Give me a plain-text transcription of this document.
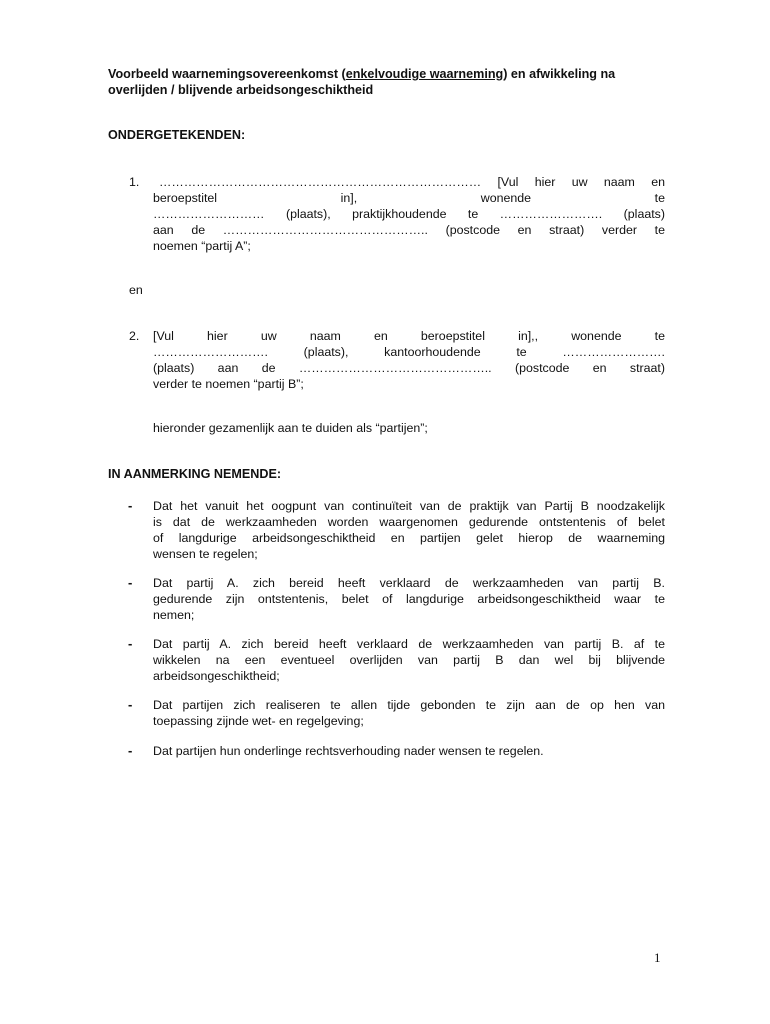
Voorbeeld waarnemingsovereenkomst (enkelvoudige waarneming) en afwikkeling na overlijden / blijvende arbeidsongeschiktheid
ONDERGETEKENDEN:
1.	…………………………………………………………………… [Vul hier uw naam en
beroepstitel in], wonende te
……………………… (plaats), praktijkhoudende te ……………………. (plaats)
aan de ………………………………………….. (postcode en straat) verder te
noemen “partij A”;
en
2. [Vul hier uw naam en beroepstitel in],, wonende te
………………………. (plaats), kantoorhoudende te …………………….
(plaats) aan de ……………………………………….. (postcode en straat)
verder te noemen “partij B”;
hieronder gezamenlijk aan te duiden als “partijen”;
IN AANMERKING NEMENDE:
- Dat het vanuit het oogpunt van continuïteit van de praktijk van Partij B noodzakelijk
is dat de werkzaamheden worden waargenomen gedurende ontstentenis of belet
of langdurige arbeidsongeschiktheid en partijen gelet hierop de waarneming
wensen te regelen;
- Dat partij A. zich bereid heeft verklaard de werkzaamheden van partij B.
gedurende zijn ontstentenis, belet of langdurige arbeidsongeschiktheid waar te
nemen;
- Dat partij A. zich bereid heeft verklaard de werkzaamheden van partij B. af te
wikkelen na een eventueel overlijden van partij B dan wel bij blijvende
arbeidsongeschiktheid;
- Dat partijen zich realiseren te allen tijde gebonden te zijn aan de op hen van
toepassing zijnde wet- en regelgeving;
- Dat partijen hun onderlinge rechtsverhouding nader wensen te regelen.
1
